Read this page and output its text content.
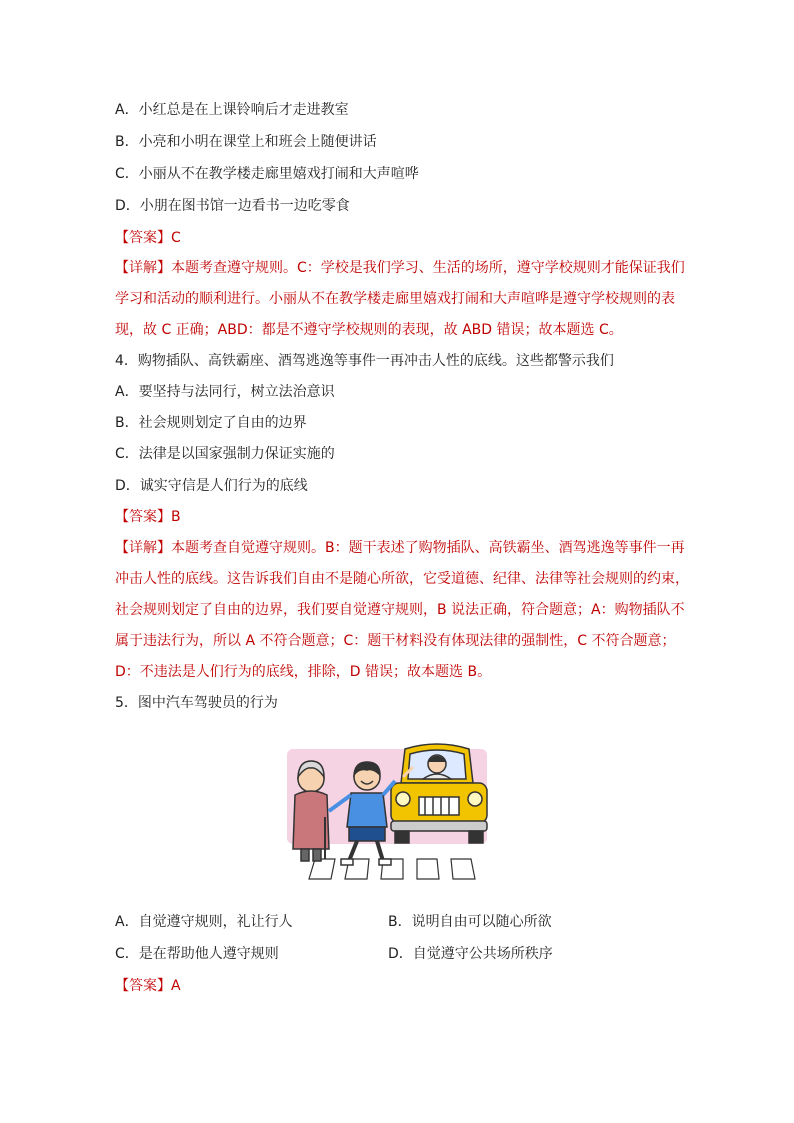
A．小红总是在上课铃响后才走进教室
B．小亮和小明在课堂上和班会上随便讲话
C．小丽从不在教学楼走廊里嬉戏打闹和大声喧哗
D．小朋在图书馆一边看书一边吃零食
【答案】C
【详解】本题考查遵守规则。C：学校是我们学习、生活的场所，遵守学校规则才能保证我们
学习和活动的顺利进行。小丽从不在教学楼走廊里嬉戏打闹和大声喧哗是遵守学校规则的表
现，故 C 正确；ABD：都是不遵守学校规则的表现，故 ABD 错误；故本题选 C。
4．购物插队、高铁霸座、酒驾逃逸等事件一再冲击人性的底线。这些都警示我们
A．要坚持与法同行，树立法治意识
B．社会规则划定了自由的边界
C．法律是以国家强制力保证实施的
D．诚实守信是人们行为的底线
【答案】B
【详解】本题考查自觉遵守规则。B：题干表述了购物插队、高铁霸坐、酒驾逃逸等事件一再
冲击人性的底线。这告诉我们自由不是随心所欲，它受道德、纪律、法律等社会规则的约束，
社会规则划定了自由的边界，我们要自觉遵守规则，B 说法正确，符合题意；A：购物插队不
属于违法行为，所以 A 不符合题意；C：题干材料没有体现法律的强制性，C 不符合题意；
D：不违法是人们行为的底线，排除，D 错误；故本题选 B。
5．图中汽车驾驶员的行为
A．自觉遵守规则，礼让行人	B．说明自由可以随心所欲
C．是在帮助他人遵守规则	D．自觉遵守公共场所秩序
【答案】A
